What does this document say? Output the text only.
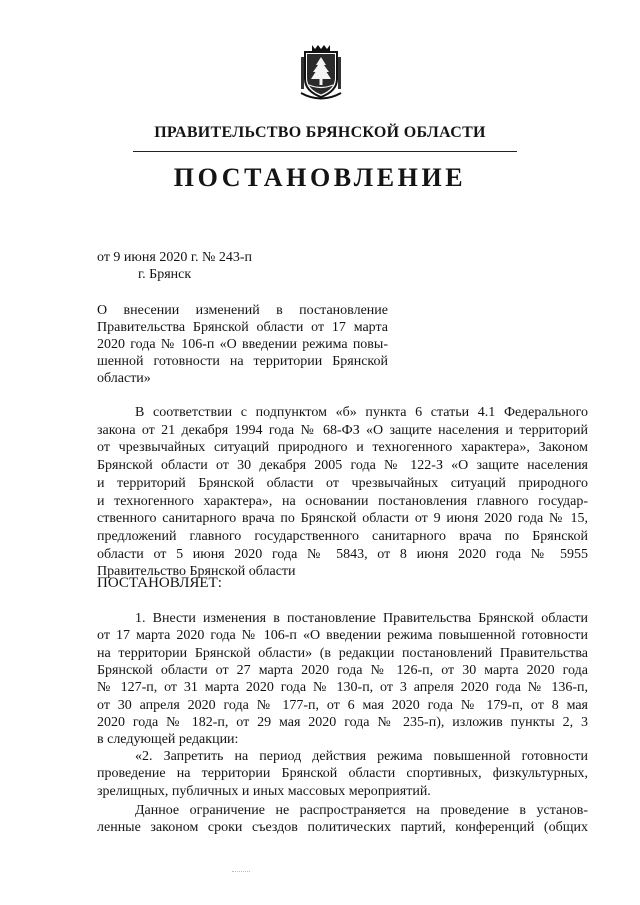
ПРАВИТЕЛЬСТВО БРЯНСКОЙ ОБЛАСТИ
ПОСТАНОВЛЕНИЕ
от 9 июня 2020 г. № 243-п
г. Брянск
О внесении изменений в постановление
Правительства Брянской области от 17 марта
2020 года № 106-п «О введении режима повы-
шенной готовности на территории Брянской
области»
В соответствии с подпунктом «б» пункта 6 статьи 4.1 Федерального
закона от 21 декабря 1994 года № 68-ФЗ «О защите населения и территорий
от чрезвычайных ситуаций природного и техногенного характера», Законом
Брянской области от 30 декабря 2005 года № 122-З «О защите населения
и территорий Брянской области от чрезвычайных ситуаций природного
и техногенного характера», на основании постановления главного государ-
ственного санитарного врача по Брянской области от 9 июня 2020 года № 15,
предложений главного государственного санитарного врача по Брянской
области от 5 июня 2020 года № 5843, от 8 июня 2020 года № 5955
Правительство Брянской области
ПОСТАНОВЛЯЕТ:
1. Внести изменения в постановление Правительства Брянской области
от 17 марта 2020 года № 106-п «О введении режима повышенной готовности
на территории Брянской области» (в редакции постановлений Правительства
Брянской области от 27 марта 2020 года № 126-п, от 30 марта 2020 года
№ 127-п, от 31 марта 2020 года № 130-п, от 3 апреля 2020 года № 136-п,
от 30 апреля 2020 года № 177-п, от 6 мая 2020 года № 179-п, от 8 мая
2020 года № 182-п, от 29 мая 2020 года № 235-п), изложив пункты 2, 3
в следующей редакции:
«2. Запретить на период действия режима повышенной готовности
проведение на территории Брянской области спортивных, физкультурных,
зрелищных, публичных и иных массовых мероприятий.
Данное ограничение не распространяется на проведение в установ-
ленные законом сроки съездов политических партий, конференций (общих
